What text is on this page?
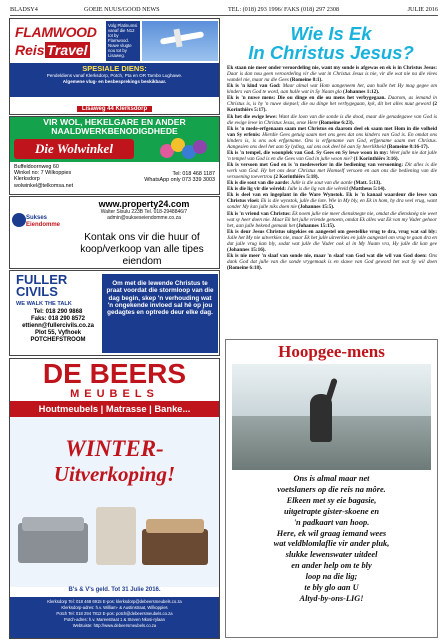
BLADSY4	GOEIE NUUS/GOOD NEWS	TEL: (018) 293 1996/ FAKS (018) 297 2308	JULIE 2016
FLAMWOOD
Reis Travel
Volg Platinumsi vanaf die N12 tot by Flamwood. Nuwe vlugte nou tot by Lisaweg.
SPESIALE DIENS:
Pendeldiens vanaf Klerksdorp, Potch, Pta en OR Tambo Lughawe.
Algemene vlug- en besbesprekings beskikbaar.
Lisaweg 44 Klerksdorp
VIR WOL, HEKELGARE EN ANDER NAALDWERKBENODIGDHEDE
Die Wolwinkel
Buffeldoornweg 60
Winkel no: 7 Wilkoppies
Klerksdorp
wolwinkel@telkomsa.net
Tel: 018 468 1187
WhatsApp only 073 339 3003
Sukses
Eiendomme
www.property24.com
Walter Sisulu 223B Tel. 018-2948846/7
admin@sukseseiendomme.co.za
Kontak ons vir die huur of koop/verkoop van alle tipes eiendom
FULLER
CIVILS
WE WALK THE TALK
Tel: 018 290 9868
Faks: 018 290 8572
ettienn@fullercivils.co.za
Plot 55, Vyfhoek
POTCHEFSTROOM
Om met die lewende Christus te praat voordat die stormloop van die dag begin, skep 'n verhouding wat 'n ongekende invloed sal hê op jou gedagtes en optrede deur elke dag.
DE BEERS
MEUBELS
Houtmeubels | Matrasse | Banke...
WINTER-
Uitverkoping!
B's & V's geld. Tot 31 Julie 2016.
Klerksdorp Tel: 018 468 6915 E-pos: klerksdorp@debeersmeubels.co.za
Klerksdorp-adres: h.v. William- & Austinstraat, Wilkoppies
Potch Tel: 018 294 7812 E-pos: potch@debeersmeubels.co.za
Potch-adres: h.v. Mareestraat 1 & Steven Nkosi-rylaan
Webtuiste: http://www.debeersmeubels.co.za
Wie Is Ek
In Christus Jesus?

Ek staan nie meer onder veroordeling nie, want my sonde is afgewas en ek is in Christus Jesus: Daar is dan nou geen veroordeling vir die wat in Christus Jesus is nie, vir die wat nie na die vlees wandel nie, maar na die Gees (Romeine 8:1).

Ek is 'n kind van God: Maar almal wat Hom aangeneem het, aan hulle het Hy mag gegee om kinders van God te word, aan hulle wat in Sy Naam glo (Johannes 1:12).

Ek is 'n nuwe mens: Die ou dinge en die ou mens het verbygegaan. Daarom, as iemand in Christus is, is hy 'n nuwe skepsel; die ou dinge het verbygegaan, kyk, dit het alles nuut geword (2 Korinthiërs 5:17).

Ek het die ewige lewe: Want die loon van die sonde is die dood, maar die genadegawe van God is die ewige lewe in Christus Jesus, onse Here (Romeine 6:23).

Ek is 'n mede-erfgenaam saam met Christus en daarom deel ek saam met Hom in die volheid van Sy erfenis: Hierdie Gees getuig saam met ons gees dat ons kinders van God is. En omdat ons kinders is, is ons ook erfgename. Ons is erfgename van God, erfgename saam met Christus. Aangesien ons deel het aan Sy lyding, sal ons ook deel hê aan Sy heerlikheid (Romeine 8:16-17).

Ek is 'n tempel, die woonplek van God. Sy Gees en Sy lewe woon in my: Weet julle nie dat julle 'n tempel van God is en die Gees van God in julle woon nie? (1 Korinthiërs 3:16).

Ek is versoen met God en is 'n medewerker in die bediening van versoening: Dit alles is die werk van God. Hy het ons deur Christus met Homself versoen en aan ons die bediening van die versoening toevertrou (2 Korinthiërs 5:18).

Ek is die sout van die aarde: Julle is die sout van die aarde (Matt. 5:13).

Ek is die lig vir die wêreld: Julle is die lig van die wêreld (Mattheus 5:14).

Ek is deel van en ingeplant in die Ware Wynstok. Ek is 'n kanaal waardeur die lewe van Christus vloei: Ek is die wynstok, julle die lote. Wie in My bly, en Ek in hom, hy dra veel vrug, want sonder My kan julle niks doen nie (Johannes 15:5).

Ek is 'n vriend van Christus: Ek noem julle nie meer diensknegte nie, omdat die diensknég nie weet wat sy heer doen nie. Maar Ek het julle vriende genoem, omdat Ek alles wat Ek van my Vader gehoor het, aan julle bekend gemaak het (Johannes 15:15).

Ek is deur Jesus Christus uitgekies en aangestel om geestelike vrug te dra, vrug wat sal bly: Julle het My nie uitverkies nie, maar Ek het julle uitverkies en julle aangestel om vrug te gaan dra en dat julle vrug kan bly, sodat wat julle die Vader ook al in My Naam vra, Hy julle dit kan gee (Johannes 15:16).

Ek is nie meer 'n slaaf van sonde nie, maar 'n slaaf van God wat die wil van God doen: Ons dank God dat julle van die sonde vrygemaak is en slawe van God geword het wat Sy wil doen (Romeine 6:18).

Hoopgee-mens
Ons is almal maar net
voetslaners op die reis na môre.
Elkeen met sy eie bagasie,
uitgetrapte gister-skoene en
'n padkaart van hoop.
Here, ek wil graag iemand wees
wat veldblomlaflie vir ander pluk,
slukke lewenswater uitdeel
en ander help om te bly
loop na die lig;
te bly glo aan U
Altyd-by-ons-LIG!
